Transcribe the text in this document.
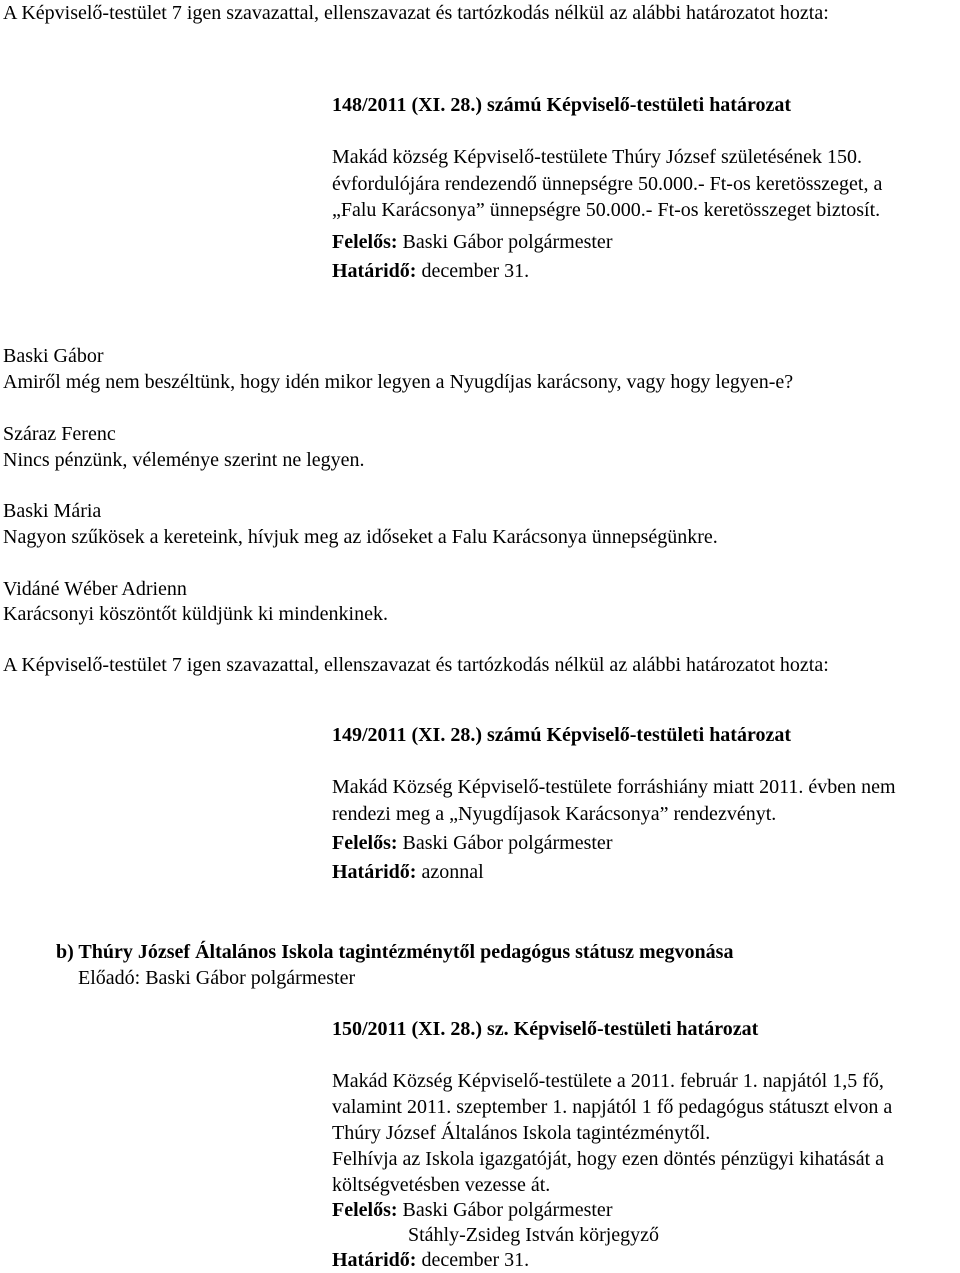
A Képviselő-testület 7 igen szavazattal, ellenszavazat és tartózkodás nélkül az alábbi határozatot hozta:
148/2011 (XI. 28.) számú Képviselő-testületi határozat
Makád község Képviselő-testülete Thúry József születésének 150.
évfordulójára rendezendő ünnepségre 50.000.- Ft-os keretösszeget, a
„Falu Karácsonya” ünnepségre 50.000.- Ft-os keretösszeget biztosít.
Felelős: Baski Gábor polgármester
Határidő: december 31.
Baski Gábor
Amiről még nem beszéltünk, hogy idén mikor legyen a Nyugdíjas karácsony, vagy hogy legyen-e?
Száraz Ferenc
Nincs pénzünk, véleménye szerint ne legyen.
Baski Mária
Nagyon szűkösek a kereteink, hívjuk meg az időseket a Falu Karácsonya ünnepségünkre.
Vidáné Wéber Adrienn
Karácsonyi köszöntőt küldjünk ki mindenkinek.
A Képviselő-testület 7 igen szavazattal, ellenszavazat és tartózkodás nélkül az alábbi határozatot hozta:
149/2011 (XI. 28.) számú Képviselő-testületi határozat
Makád Község Képviselő-testülete forráshiány miatt 2011. évben nem
rendezi meg a „Nyugdíjasok Karácsonya” rendezvényt.
Felelős: Baski Gábor polgármester
Határidő: azonnal
b) Thúry József Általános Iskola tagintézménytől pedagógus státusz megvonása
Előadó: Baski Gábor polgármester
150/2011 (XI. 28.) sz. Képviselő-testületi határozat
Makád Község Képviselő-testülete a 2011. február 1. napjától 1,5 fő,
valamint 2011. szeptember 1. napjától 1 fő pedagógus státuszt elvon a
Thúry József Általános Iskola tagintézménytől.
Felhívja az Iskola igazgatóját, hogy ezen döntés pénzügyi kihatását a
költségvetésben vezesse át.
Felelős: Baski Gábor polgármester
Stáhly-Zsideg István körjegyző
Határidő: december 31.
